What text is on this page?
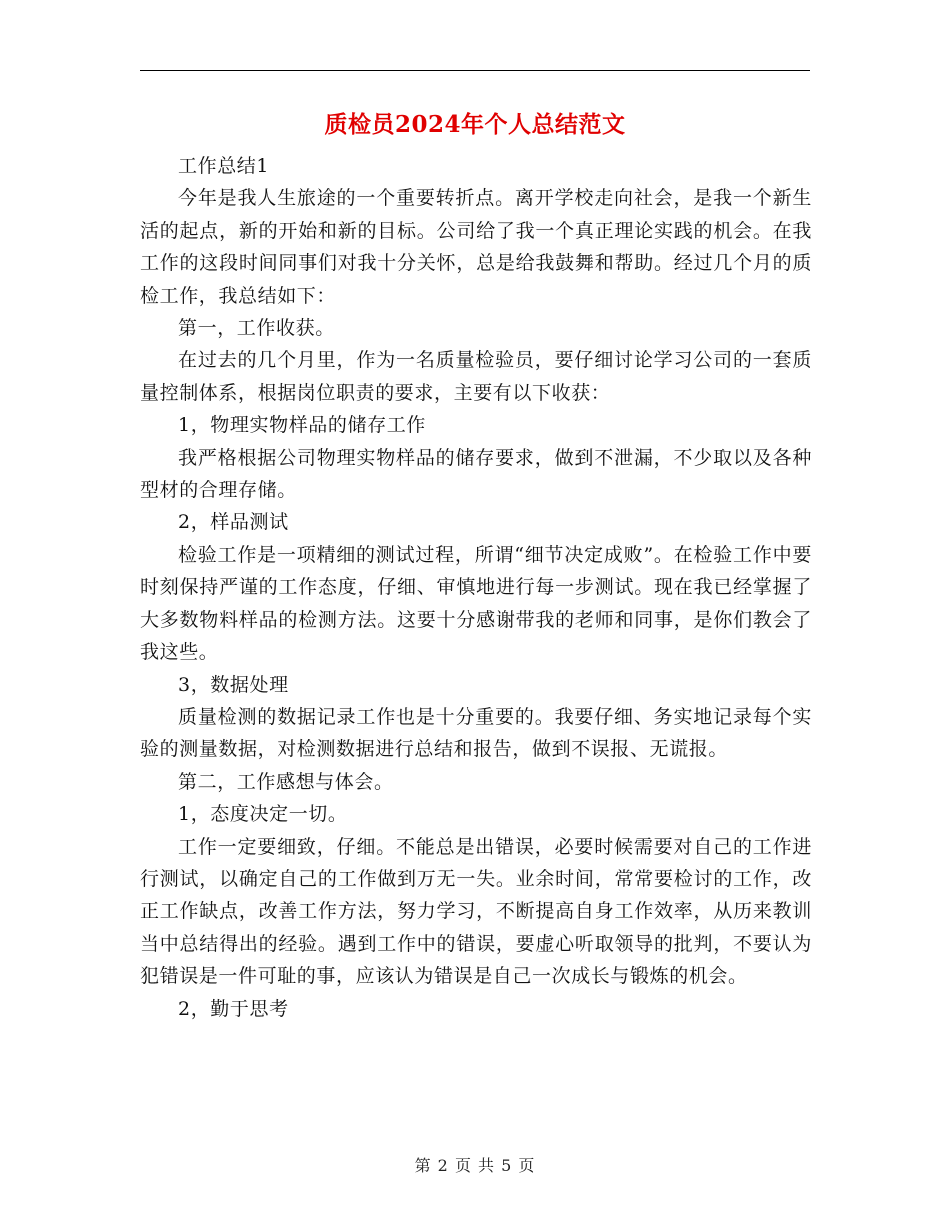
质检员2024年个人总结范文

工作总结1

今年是我人生旅途的一个重要转折点。离开学校走向社会，是我一个新生活的起点，新的开始和新的目标。公司给了我一个真正理论实践的机会。在我工作的这段时间同事们对我十分关怀，总是给我鼓舞和帮助。经过几个月的质检工作，我总结如下：

第一，工作收获。

在过去的几个月里，作为一名质量检验员，要仔细讨论学习公司的一套质量控制体系，根据岗位职责的要求，主要有以下收获：

1，物理实物样品的储存工作

我严格根据公司物理实物样品的储存要求，做到不泄漏，不少取以及各种型材的合理存储。

2，样品测试

检验工作是一项精细的测试过程，所谓“细节决定成败”。在检验工作中要时刻保持严谨的工作态度，仔细、审慎地进行每一步测试。现在我已经掌握了大多数物料样品的检测方法。这要十分感谢带我的老师和同事，是你们教会了我这些。

3，数据处理

质量检测的数据记录工作也是十分重要的。我要仔细、务实地记录每个实验的测量数据，对检测数据进行总结和报告，做到不误报、无谎报。

第二，工作感想与体会。

1，态度决定一切。

工作一定要细致，仔细。不能总是出错误，必要时候需要对自己的工作进行测试，以确定自己的工作做到万无一失。业余时间，常常要检讨的工作，改正工作缺点，改善工作方法，努力学习，不断提高自身工作效率，从历来教训当中总结得出的经验。遇到工作中的错误，要虚心听取领导的批判，不要认为犯错误是一件可耻的事，应该认为错误是自己一次成长与锻炼的机会。

2，勤于思考

第 2 页 共 5 页
